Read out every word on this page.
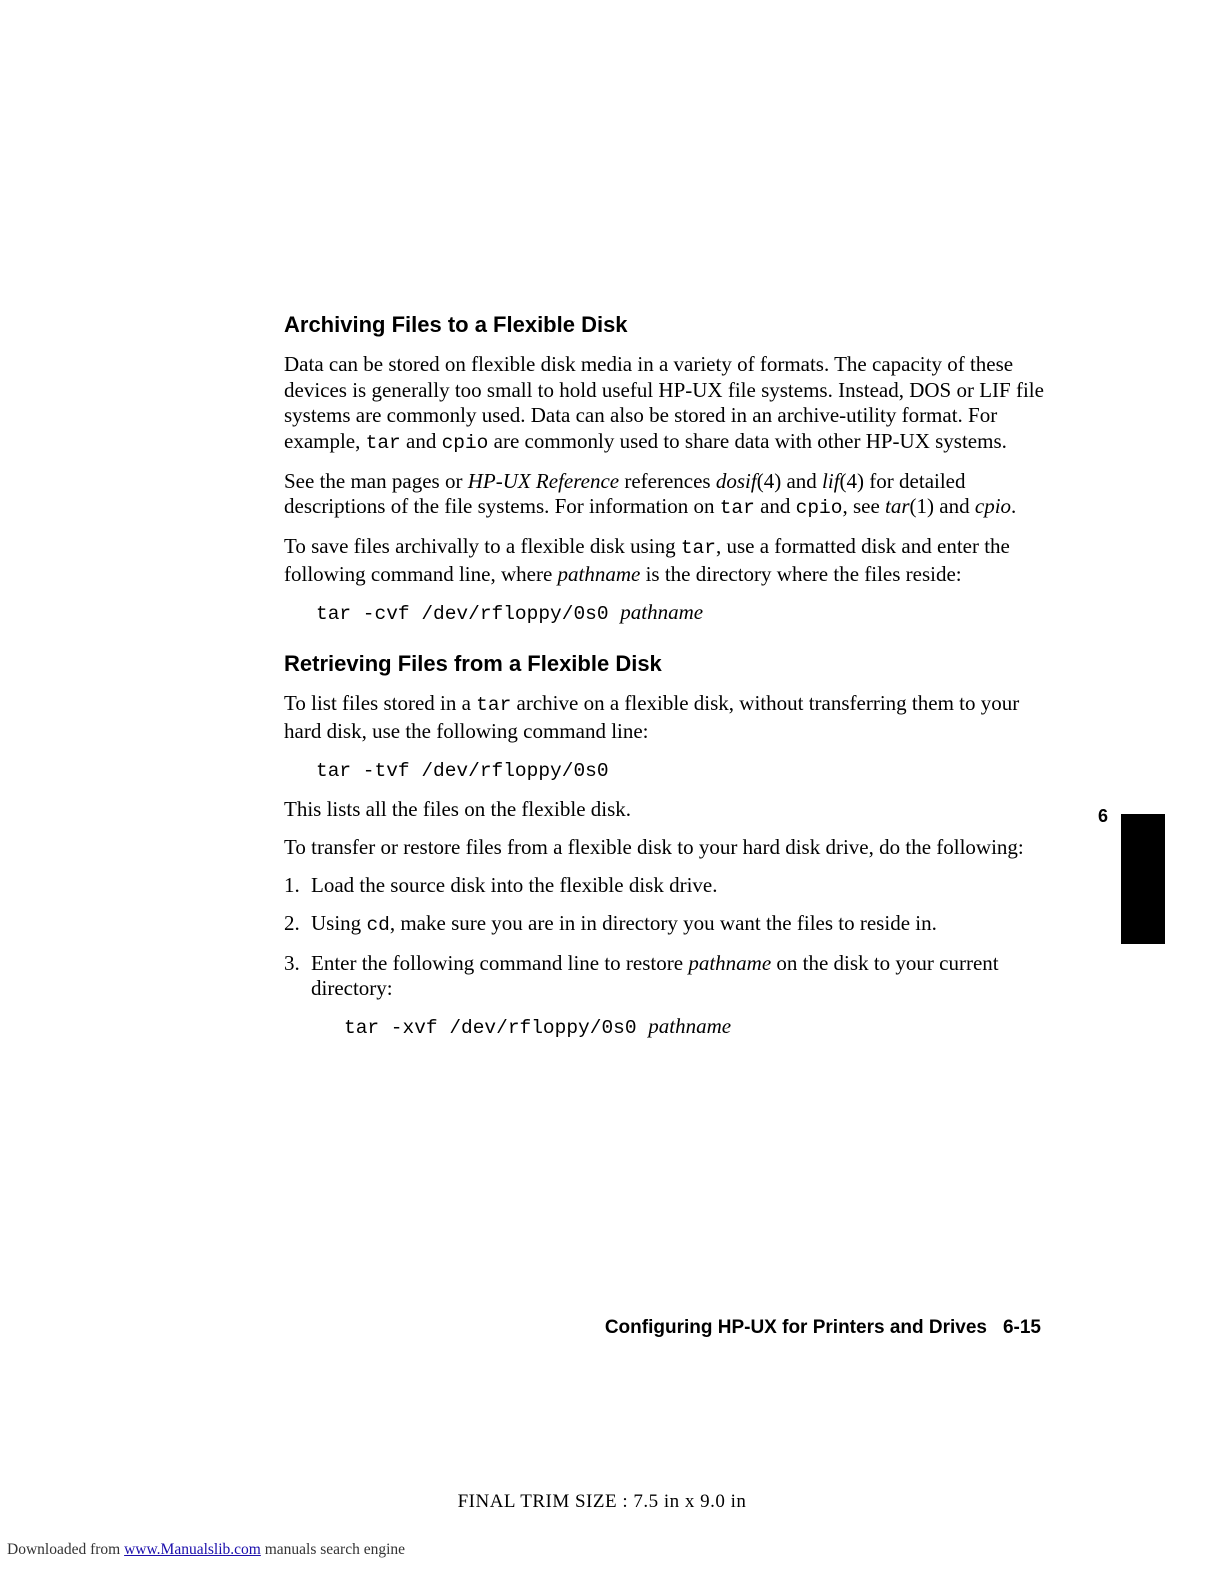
Archiving Files to a Flexible Disk

Data can be stored on flexible disk media in a variety of formats. The capacity of these devices is generally too small to hold useful HP-UX file systems. Instead, DOS or LIF file systems are commonly used. Data can also be stored in an archive-utility format. For example, tar and cpio are commonly used to share data with other HP-UX systems.

See the man pages or HP-UX Reference references dosif(4) and lif(4) for detailed descriptions of the file systems. For information on tar and cpio, see tar(1) and cpio.

To save files archivally to a flexible disk using tar, use a formatted disk and enter the following command line, where pathname is the directory where the files reside:

tar -cvf /dev/rfloppy/0s0 pathname
Retrieving Files from a Flexible Disk

To list files stored in a tar archive on a flexible disk, without transferring them to your hard disk, use the following command line:

tar -tvf /dev/rfloppy/0s0

This lists all the files on the flexible disk.

To transfer or restore files from a flexible disk to your hard disk drive, do the following:

1. Load the source disk into the flexible disk drive.
2. Using cd, make sure you are in in directory you want the files to reside in.
3. Enter the following command line to restore pathname on the disk to your current directory:
tar -xvf /dev/rfloppy/0s0 pathname
6
Configuring HP-UX for Printers and Drives 6-15
FINAL TRIM SIZE : 7.5 in x 9.0 in
Downloaded from www.Manualslib.com manuals search engine
